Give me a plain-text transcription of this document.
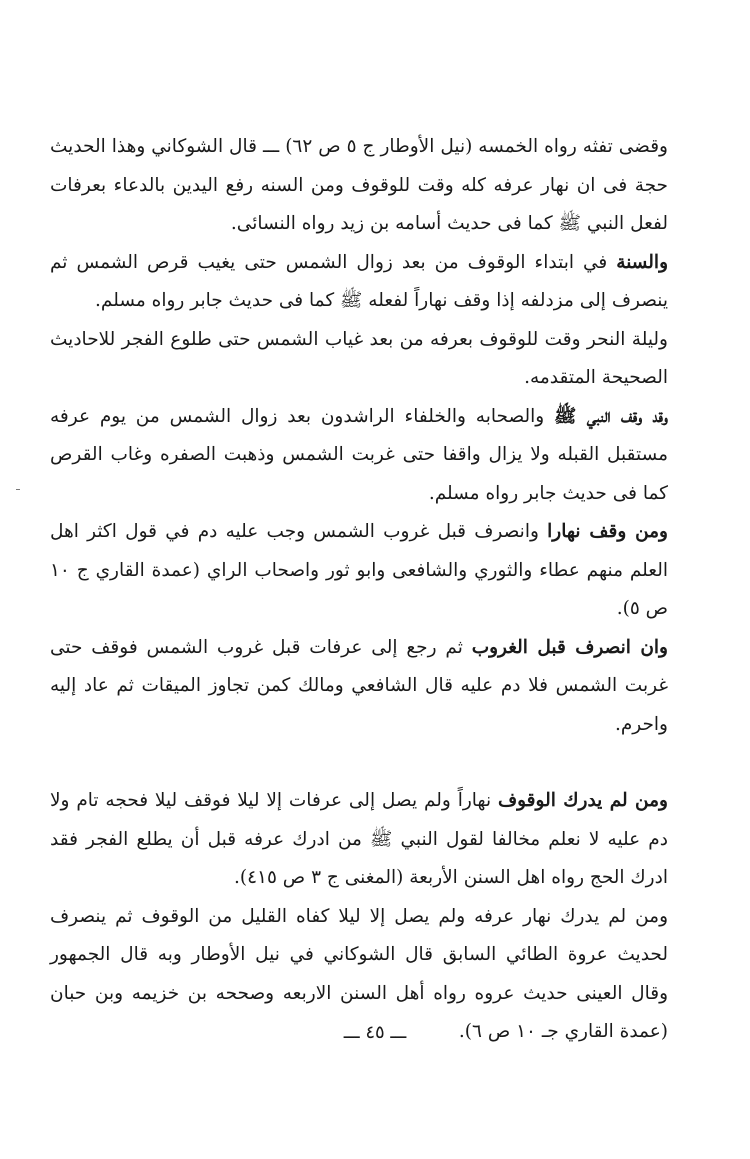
وقضى تفثه رواه الخمسه (نيل الأوطار ج ٥ ص ٦٢) ـــ قال الشوكاني وهذا الحديث حجة فى ان نهار عرفه كله وقت للوقوف ومن السنه رفع اليدين بالدعاء بعرفات لفعل النبي ﷺ كما فى حديث أسامه بن زيد رواه النسائى.

والسنة في ابتداء الوقوف من بعد زوال الشمس حتى يغيب قرص الشمس ثم ينصرف إلى مزدلفه إذا وقف نهاراً لفعله ﷺ كما فى حديث جابر رواه مسلم.

وليلة النحر وقت للوقوف بعرفه من بعد غياب الشمس حتى طلوع الفجر للاحاديث الصحيحة المتقدمه.

وقد وقف النبي ﷺ والصحابه والخلفاء الراشدون بعد زوال الشمس من يوم عرفه مستقبل القبله ولا يزال واقفا حتى غربت الشمس وذهبت الصفره وغاب القرص كما فى حديث جابر رواه مسلم.

ومن وقف نهارا وانصرف قبل غروب الشمس وجب عليه دم في قول اكثر اهل العلم منهم عطاء والثوري والشافعى وابو ثور واصحاب الراي (عمدة القاري ج ١٠ ص ٥).

وان انصرف قبل الغروب ثم رجع إلى عرفات قبل غروب الشمس فوقف حتى غربت الشمس فلا دم عليه قال الشافعي ومالك كمن تجاوز الميقات ثم عاد إليه واحرم.

ومن لم يدرك الوقوف نهاراً ولم يصل إلى عرفات إلا ليلا فوقف ليلا فحجه تام ولا دم عليه لا نعلم مخالفا لقول النبي ﷺ من ادرك عرفه قبل أن يطلع الفجر فقد ادرك الحج رواه اهل السنن الأربعة (المغنى ج ٣ ص ٤١٥).

ومن لم يدرك نهار عرفه ولم يصل إلا ليلا كفاه القليل من الوقوف ثم ينصرف لحديث عروة الطائي السابق قال الشوكاني في نيل الأوطار وبه قال الجمهور وقال العينى حديث عروه رواه أهل السنن الاربعه وصححه بن خزيمه وبن حبان (عمدة القاري جـ ١٠ ص ٦).

ـــ ٤٥ ـــ
